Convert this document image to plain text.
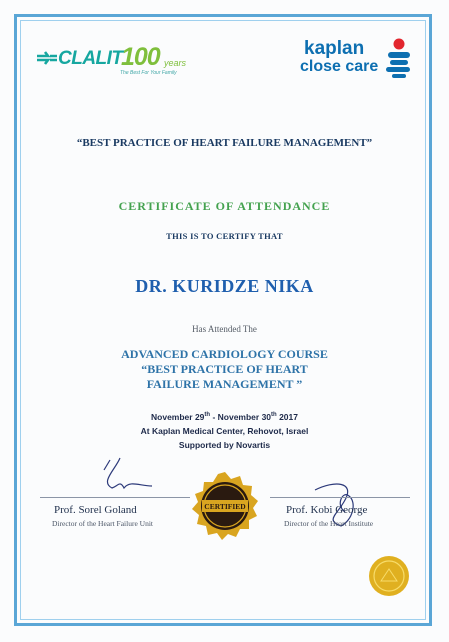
CLALIT
100 years
The Best For Your Family
kaplan
close care
“BEST PRACTICE OF HEART FAILURE MANAGEMENT”
CERTIFICATE OF ATTENDANCE
THIS IS TO CERTIFY THAT
DR. KURIDZE NIKA
Has Attended The
ADVANCED CARDIOLOGY COURSE
“BEST PRACTICE OF HEART
FAILURE MANAGEMENT ”
November 29th - November 30th 2017
At Kaplan Medical Center, Rehovot, Israel
Supported by Novartis
Prof. Sorel Goland
Director of the Heart Failure Unit
Prof. Kobi George
Director of the Heart Institute
CERTIFIED
